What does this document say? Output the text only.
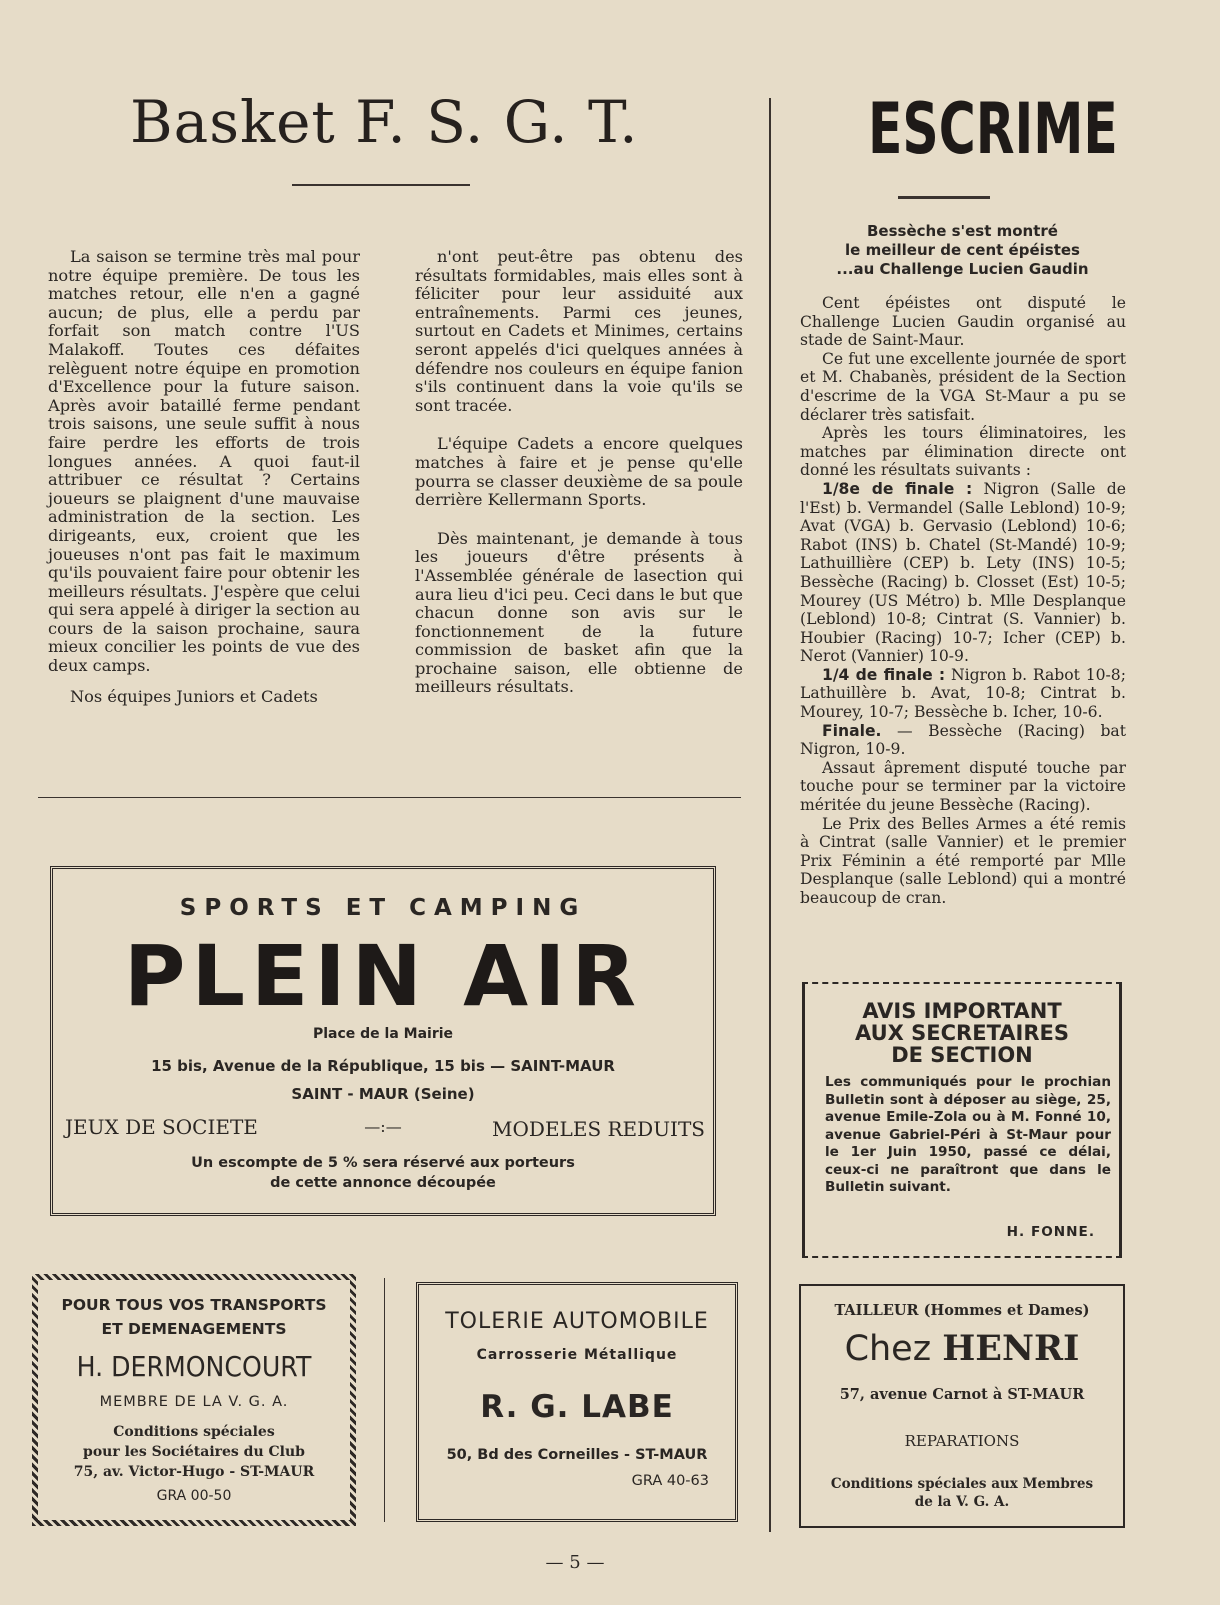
Basket F. S. G. T.

La saison se termine très mal pour notre équipe première. De tous les matches retour, elle n'en a gagné aucun; de plus, elle a perdu par forfait son match contre l'US Malakoff. Toutes ces défaites relèguent notre équipe en promotion d'Excellence pour la future saison. Après avoir bataillé ferme pendant trois saisons, une seule suffit à nous faire perdre les efforts de trois longues années. A quoi faut-il attribuer ce résultat ? Certains joueurs se plaignent d'une mauvaise administration de la section. Les dirigeants, eux, croient que les joueuses n'ont pas fait le maximum qu'ils pouvaient faire pour obtenir les meilleurs résultats. J'espère que celui qui sera appelé à diriger la section au cours de la saison prochaine, saura mieux concilier les points de vue des deux camps.

Nos équipes Juniors et Cadets

n'ont peut-être pas obtenu des résultats formidables, mais elles sont à féliciter pour leur assiduité aux entraînements. Parmi ces jeunes, surtout en Cadets et Minimes, certains seront appelés d'ici quelques années à défendre nos couleurs en équipe fanion s'ils continuent dans la voie qu'ils se sont tracée.

L'équipe Cadets a encore quelques matches à faire et je pense qu'elle pourra se classer deuxième de sa poule derrière Kellermann Sports.

Dès maintenant, je demande à tous les joueurs d'être présents à l'Assemblée générale de lasection qui aura lieu d'ici peu. Ceci dans le but que chacun donne son avis sur le fonctionnement de la future commission de basket afin que la prochaine saison, elle obtienne de meilleurs résultats.

ESCRIME
Bessèche s'est montré
le meilleur de cent épéistes
...au Challenge Lucien Gaudin

Cent épéistes ont disputé le Challenge Lucien Gaudin organisé au stade de Saint-Maur.

Ce fut une excellente journée de sport et M. Chabanès, président de la Section d'escrime de la VGA St-Maur a pu se déclarer très satisfait.

Après les tours éliminatoires, les matches par élimination directe ont donné les résultats suivants :

1/8e de finale : Nigron (Salle de l'Est) b. Vermandel (Salle Leblond) 10-9; Avat (VGA) b. Gervasio (Leblond) 10-6; Rabot (INS) b. Chatel (St-Mandé) 10-9; Lathuillière (CEP) b. Lety (INS) 10-5; Bessèche (Racing) b. Closset (Est) 10-5; Mourey (US Métro) b. Mlle Desplanque (Leblond) 10-8; Cintrat (S. Vannier) b. Houbier (Racing) 10-7; Icher (CEP) b. Nerot (Vannier) 10-9.

1/4 de finale : Nigron b. Rabot 10-8; Lathuillère b. Avat, 10-8; Cintrat b. Mourey, 10-7; Bessèche b. Icher, 10-6.

Finale. — Bessèche (Racing) bat Nigron, 10-9.

Assaut âprement disputé touche par touche pour se terminer par la victoire méritée du jeune Bessèche (Racing).

Le Prix des Belles Armes a été remis à Cintrat (salle Vannier) et le premier Prix Féminin a été remporté par Mlle Desplanque (salle Leblond) qui a montré beaucoup de cran.

SPORTS ET CAMPING
PLEIN AIR
Place de la Mairie
15 bis, Avenue de la République, 15 bis — SAINT-MAUR
SAINT - MAUR (Seine)
JEUX DE SOCIETE	—:—	MODELES REDUITS
Un escompte de 5 % sera réservé aux porteurs
de cette annonce découpée
AVIS IMPORTANT
AUX SECRETAIRES
DE SECTION
Les communiqués pour le prochian Bulletin sont à déposer au siège, 25, avenue Emile-Zola ou à M. Fonné 10, avenue Gabriel-Péri à St-Maur pour le 1er Juin 1950, passé ce délai, ceux-ci ne paraîtront que dans le Bulletin suivant.
H. FONNE.
POUR TOUS VOS TRANSPORTS
ET DEMENAGEMENTS
H. DERMONCOURT
MEMBRE DE LA V. G. A.
Conditions spéciales
pour les Sociétaires du Club
75, av. Victor-Hugo - ST-MAUR
GRA 00-50
TOLERIE AUTOMOBILE
Carrosserie Métallique
R. G. LABE
50, Bd des Corneilles - ST-MAUR
GRA 40-63
TAILLEUR (Hommes et Dames)
Chez HENRI
57, avenue Carnot à ST-MAUR
REPARATIONS
Conditions spéciales aux Membres
de la V. G. A.
— 5 —
